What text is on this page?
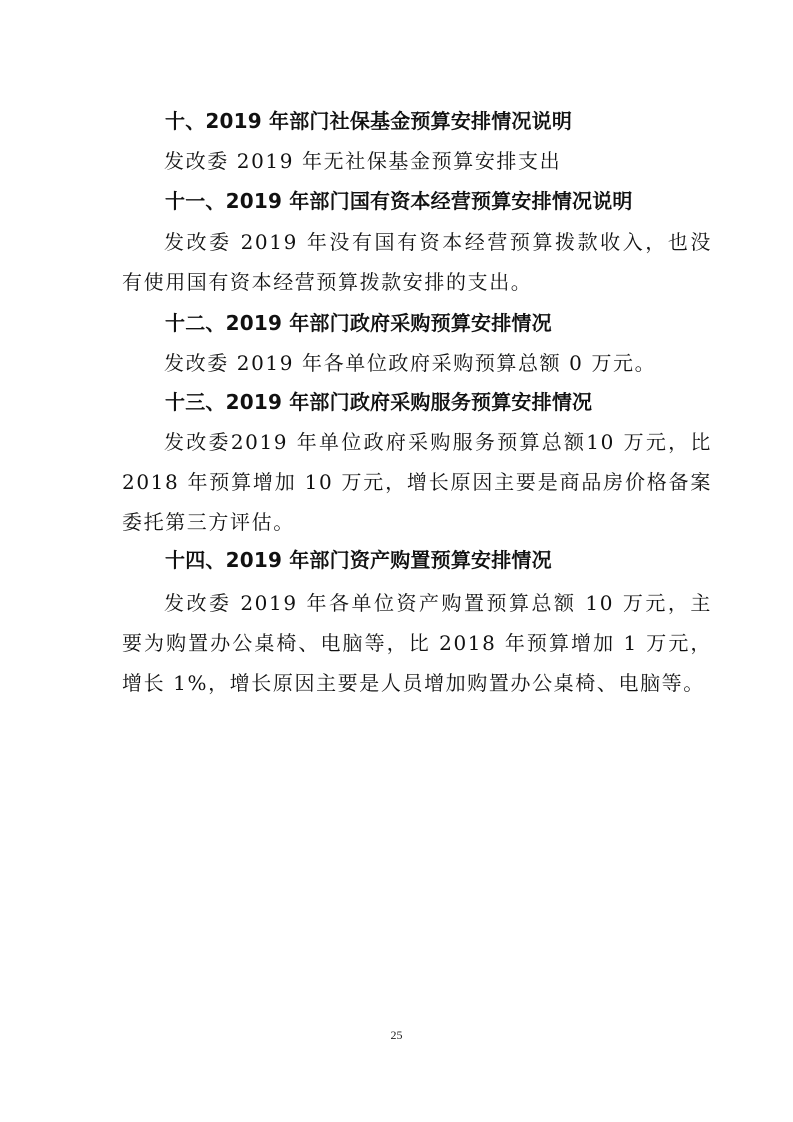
十、2019 年部门社保基金预算安排情况说明
发改委 2019 年无社保基金预算安排支出
十一、2019 年部门国有资本经营预算安排情况说明
发改委 2019 年没有国有资本经营预算拨款收入，也没有使用国有资本经营预算拨款安排的支出。
十二、2019 年部门政府采购预算安排情况
发改委 2019 年各单位政府采购预算总额 0 万元。
十三、2019 年部门政府采购服务预算安排情况
发改委2019 年单位政府采购服务预算总额10 万元，比2018 年预算增加 10 万元，增长原因主要是商品房价格备案委托第三方评估。
十四、2019 年部门资产购置预算安排情况
发改委 2019 年各单位资产购置预算总额 10 万元，主要为购置办公桌椅、电脑等，比 2018 年预算增加 1 万元，增长 1%，增长原因主要是人员增加购置办公桌椅、电脑等。
25
